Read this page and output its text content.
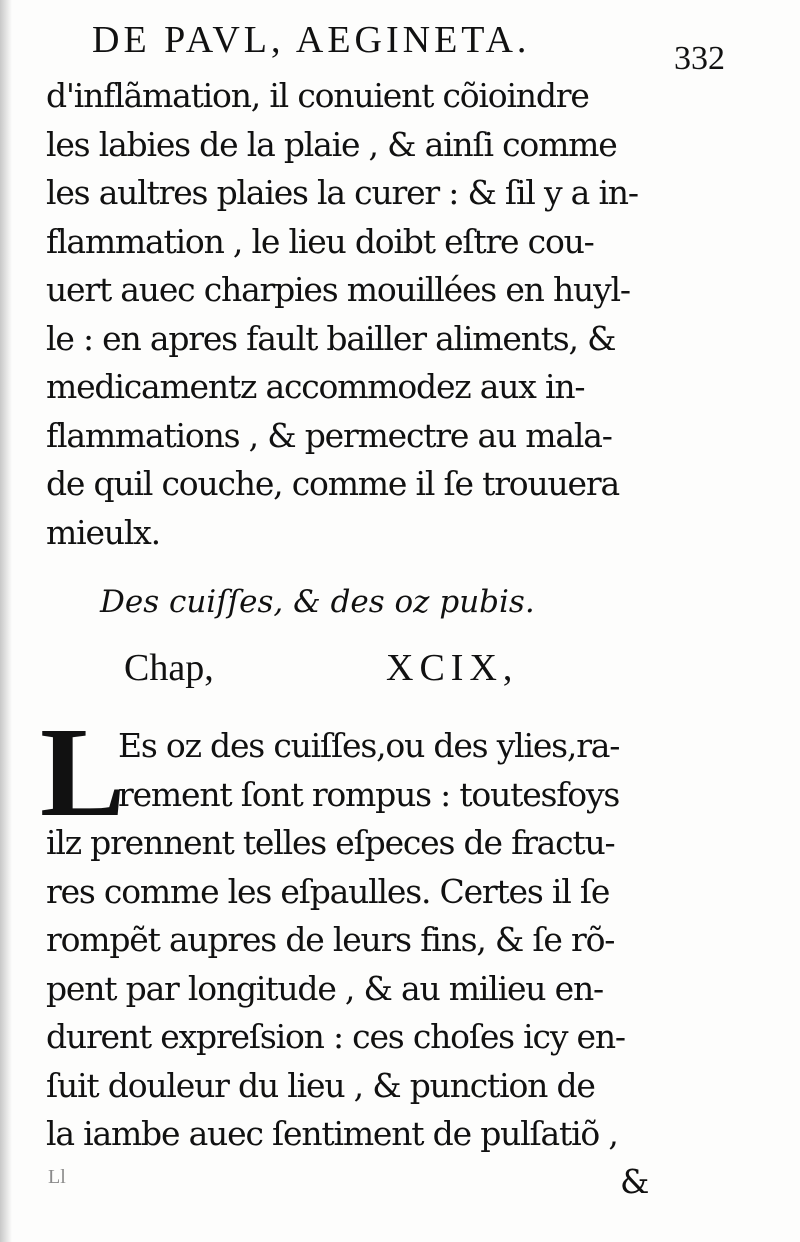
DE PAVL, AEGINETA.	332
d'inflãmation, il conuient cõioindre
les labies de la plaie , & ainſi comme
les aultres plaies la curer : & ſil y a in-
flammation , le lieu doibt eſtre cou-
uert auec charpies mouillées en huyl-
le : en apres fault bailler aliments, &
medicamentz accommodez aux in-
flammations , & permectre au mala-
de quil couche, comme il ſe trouuera
mieulx.
Des cuiſſes, & des oz pubis.
Chap,	XCIX,
L
Es oz des cuiſſes,ou des ylies,ra-
rement ſont rompus : toutesfoys
ilz prennent telles eſpeces de fractu-
res comme les eſpaulles. Certes il ſe
rompẽt aupres de leurs fins, & ſe rõ-
pent par longitude , & au milieu en-
durent expreſsion : ces choſes icy en-
ſuit douleur du lieu , & punction de
la iambe auec ſentiment de pulſatiõ ,
Ll	&
